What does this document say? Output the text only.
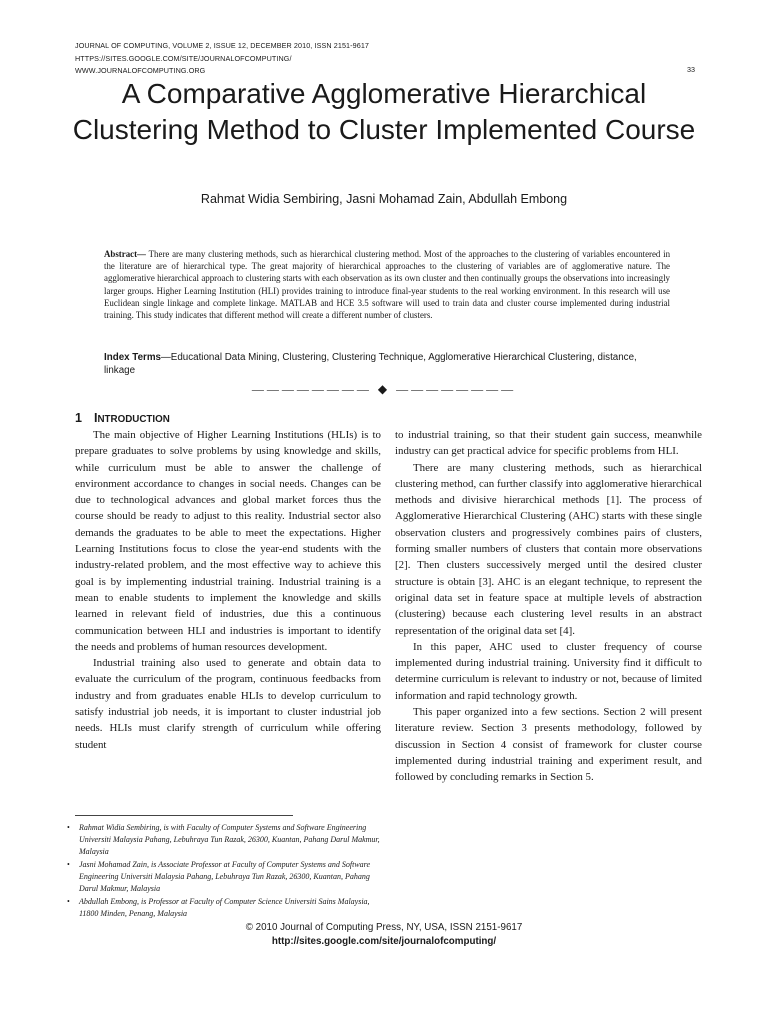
JOURNAL OF COMPUTING, VOLUME 2, ISSUE 12, DECEMBER 2010, ISSN 2151-9617
HTTPS://SITES.GOOGLE.COM/SITE/JOURNALOFCOMPUTING/
WWW.JOURNALOFCOMPUTING.ORG	33
A Comparative Agglomerative Hierarchical Clustering Method to Cluster Implemented Course
Rahmat Widia Sembiring, Jasni Mohamad Zain, Abdullah Embong
Abstract— There are many clustering methods, such as hierarchical clustering method. Most of the approaches to the clustering of variables encountered in the literature are of hierarchical type. The great majority of hierarchical approaches to the clustering of variables are of agglomerative nature. The agglomerative hierarchical approach to clustering starts with each observation as its own cluster and then continually groups the observations into increasingly larger groups. Higher Learning Institution (HLI) provides training to introduce final-year students to the real working environment. In this research will use Euclidean single linkage and complete linkage. MATLAB and HCE 3.5 software will used to train data and cluster course implemented during industrial training. This study indicates that different method will create a different number of clusters.
Index Terms—Educational Data Mining, Clustering, Clustering Technique, Agglomerative Hierarchical Clustering, distance, linkage
———————— ◆ ————————
1 INTRODUCTION

The main objective of Higher Learning Institutions (HLIs) is to prepare graduates to solve problems by using knowledge and skills, while curriculum must be able to answer the challenge of environment accordance to changes in social needs. Changes can be due to technological advances and global market forces thus the course should be ready to adjust to this reality. Industrial sector also demands the graduates to be able to meet the expectations. Higher Learning Institutions focus to close the year-end students with the industry-related problem, and the most effective way to achieve this goal is by implementing industrial training. Industrial training is a mean to enable students to implement the knowledge and skills learned in relevant field of industries, due this a continuous communication between HLI and industries is important to identify the needs and problems of human resources development.

Industrial training also used to generate and obtain data to evaluate the curriculum of the program, continuous feedbacks from industry and from graduates enable HLIs to develop curriculum to satisfy industrial job needs, it is important to cluster industrial job needs. HLIs must clarify strength of curriculum while offering student

to industrial training, so that their student gain success, meanwhile industry can get practical advice for specific problems from HLI.

There are many clustering methods, such as hierarchical clustering method, can further classify into agglomerative hierarchical methods and divisive hierarchical methods [1]. The process of Agglomerative Hierarchical Clustering (AHC) starts with these single observation clusters and progressively combines pairs of clusters, forming smaller numbers of clusters that contain more observations [2]. Then clusters successively merged until the desired cluster structure is obtain [3]. AHC is an elegant technique, to represent the original data set in feature space at multiple levels of abstraction (clustering) because each clustering level results in an abstract representation of the original data set [4].

In this paper, AHC used to cluster frequency of course implemented during industrial training. University find it difficult to determine curriculum is relevant to industry or not, because of limited information and rapid technology growth.

This paper organized into a few sections. Section 2 will present literature review. Section 3 presents methodology, followed by discussion in Section 4 consist of framework for cluster course implemented during industrial training and experiment result, and followed by concluding remarks in Section 5.

• Rahmat Widia Sembiring, is with Faculty of Computer Systems and Software Engineering Universiti Malaysia Pahang, Lebuhraya Tun Razak, 26300, Kuantan, Pahang Darul Makmur, Malaysia
• Jasni Mohamad Zain, is Associate Professor at Faculty of Computer Systems and Software Engineering Universiti Malaysia Pahang, Lebuhraya Tun Razak, 26300, Kuantan, Pahang Darul Makmur, Malaysia
• Abdullah Embong, is Professor at Faculty of Computer Science Universiti Sains Malaysia, 11800 Minden, Penang, Malaysia
© 2010 Journal of Computing Press, NY, USA, ISSN 2151-9617
http://sites.google.com/site/journalofcomputing/
